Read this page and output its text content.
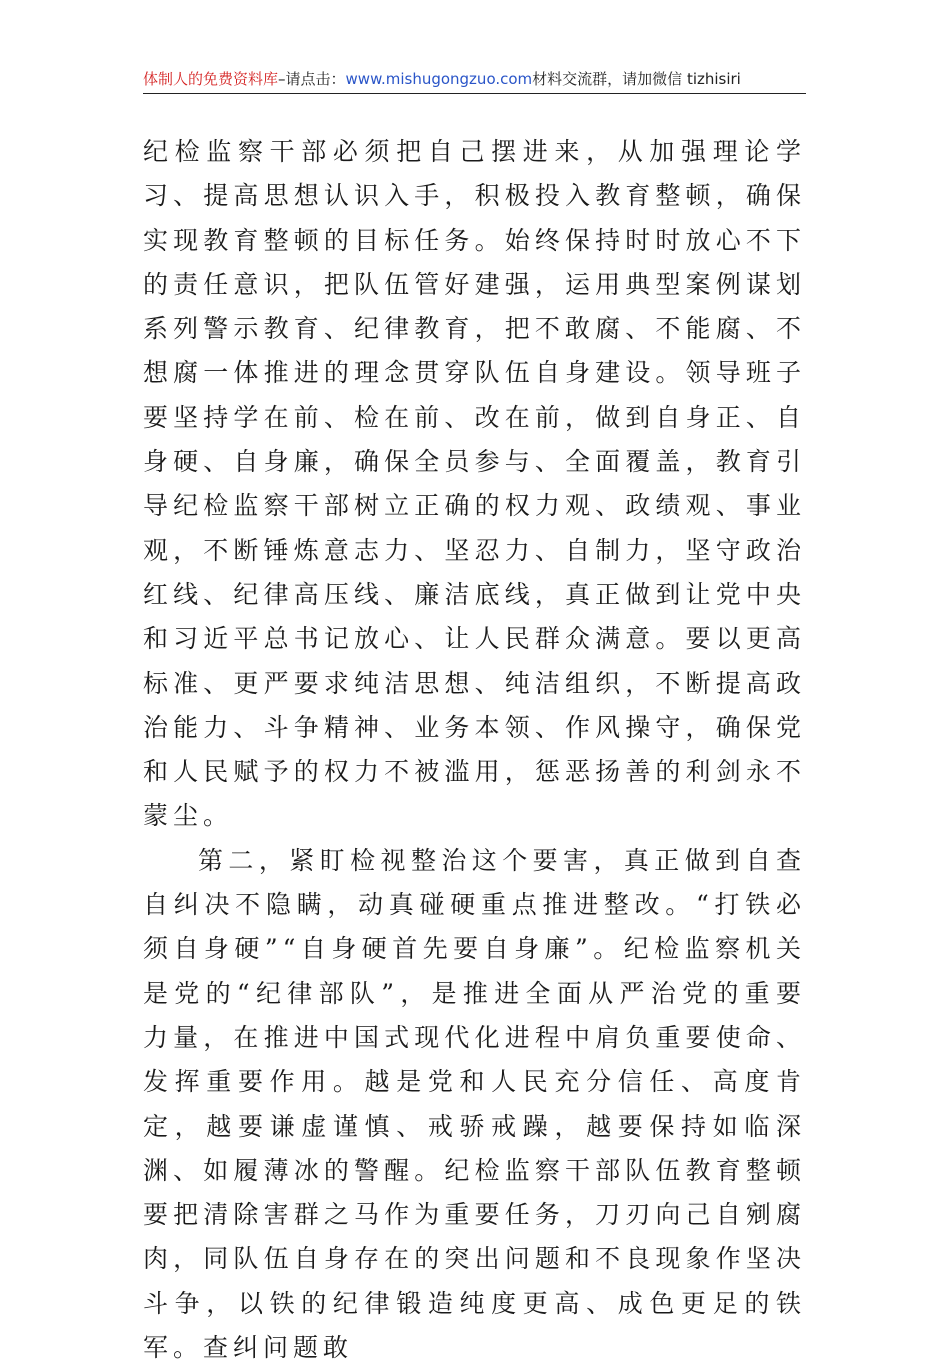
体制人的免费资料库–请点击：www.mishugongzuo.com材料交流群，请加微信 tizhisiri

纪检监察干部必须把自己摆进来，从加强理论学习、提高思想认识入手，积极投入教育整顿，确保实现教育整顿的目标任务。始终保持时时放心不下的责任意识，把队伍管好建强，运用典型案例谋划系列警示教育、纪律教育，把不敢腐、不能腐、不想腐一体推进的理念贯穿队伍自身建设。领导班子要坚持学在前、检在前、改在前，做到自身正、自身硬、自身廉，确保全员参与、全面覆盖，教育引导纪检监察干部树立正确的权力观、政绩观、事业观，不断锤炼意志力、坚忍力、自制力，坚守政治红线、纪律高压线、廉洁底线，真正做到让党中央和习近平总书记放心、让人民群众满意。要以更高标准、更严要求纯洁思想、纯洁组织，不断提高政治能力、斗争精神、业务本领、作风操守，确保党和人民赋予的权力不被滥用，惩恶扬善的利剑永不蒙尘。

第二，紧盯检视整治这个要害，真正做到自查自纠决不隐瞒，动真碰硬重点推进整改。“打铁必须自身硬”“自身硬首先要自身廉”。纪检监察机关是党的“纪律部队”，是推进全面从严治党的重要力量，在推进中国式现代化进程中肩负重要使命、发挥重要作用。越是党和人民充分信任、高度肯定，越要谦虚谨慎、戒骄戒躁，越要保持如临深渊、如履薄冰的警醒。纪检监察干部队伍教育整顿要把清除害群之马作为重要任务，刀刃向己自剜腐肉，同队伍自身存在的突出问题和不良现象作坚决斗争，以铁的纪律锻造纯度更高、成色更足的铁军。查纠问题敢
